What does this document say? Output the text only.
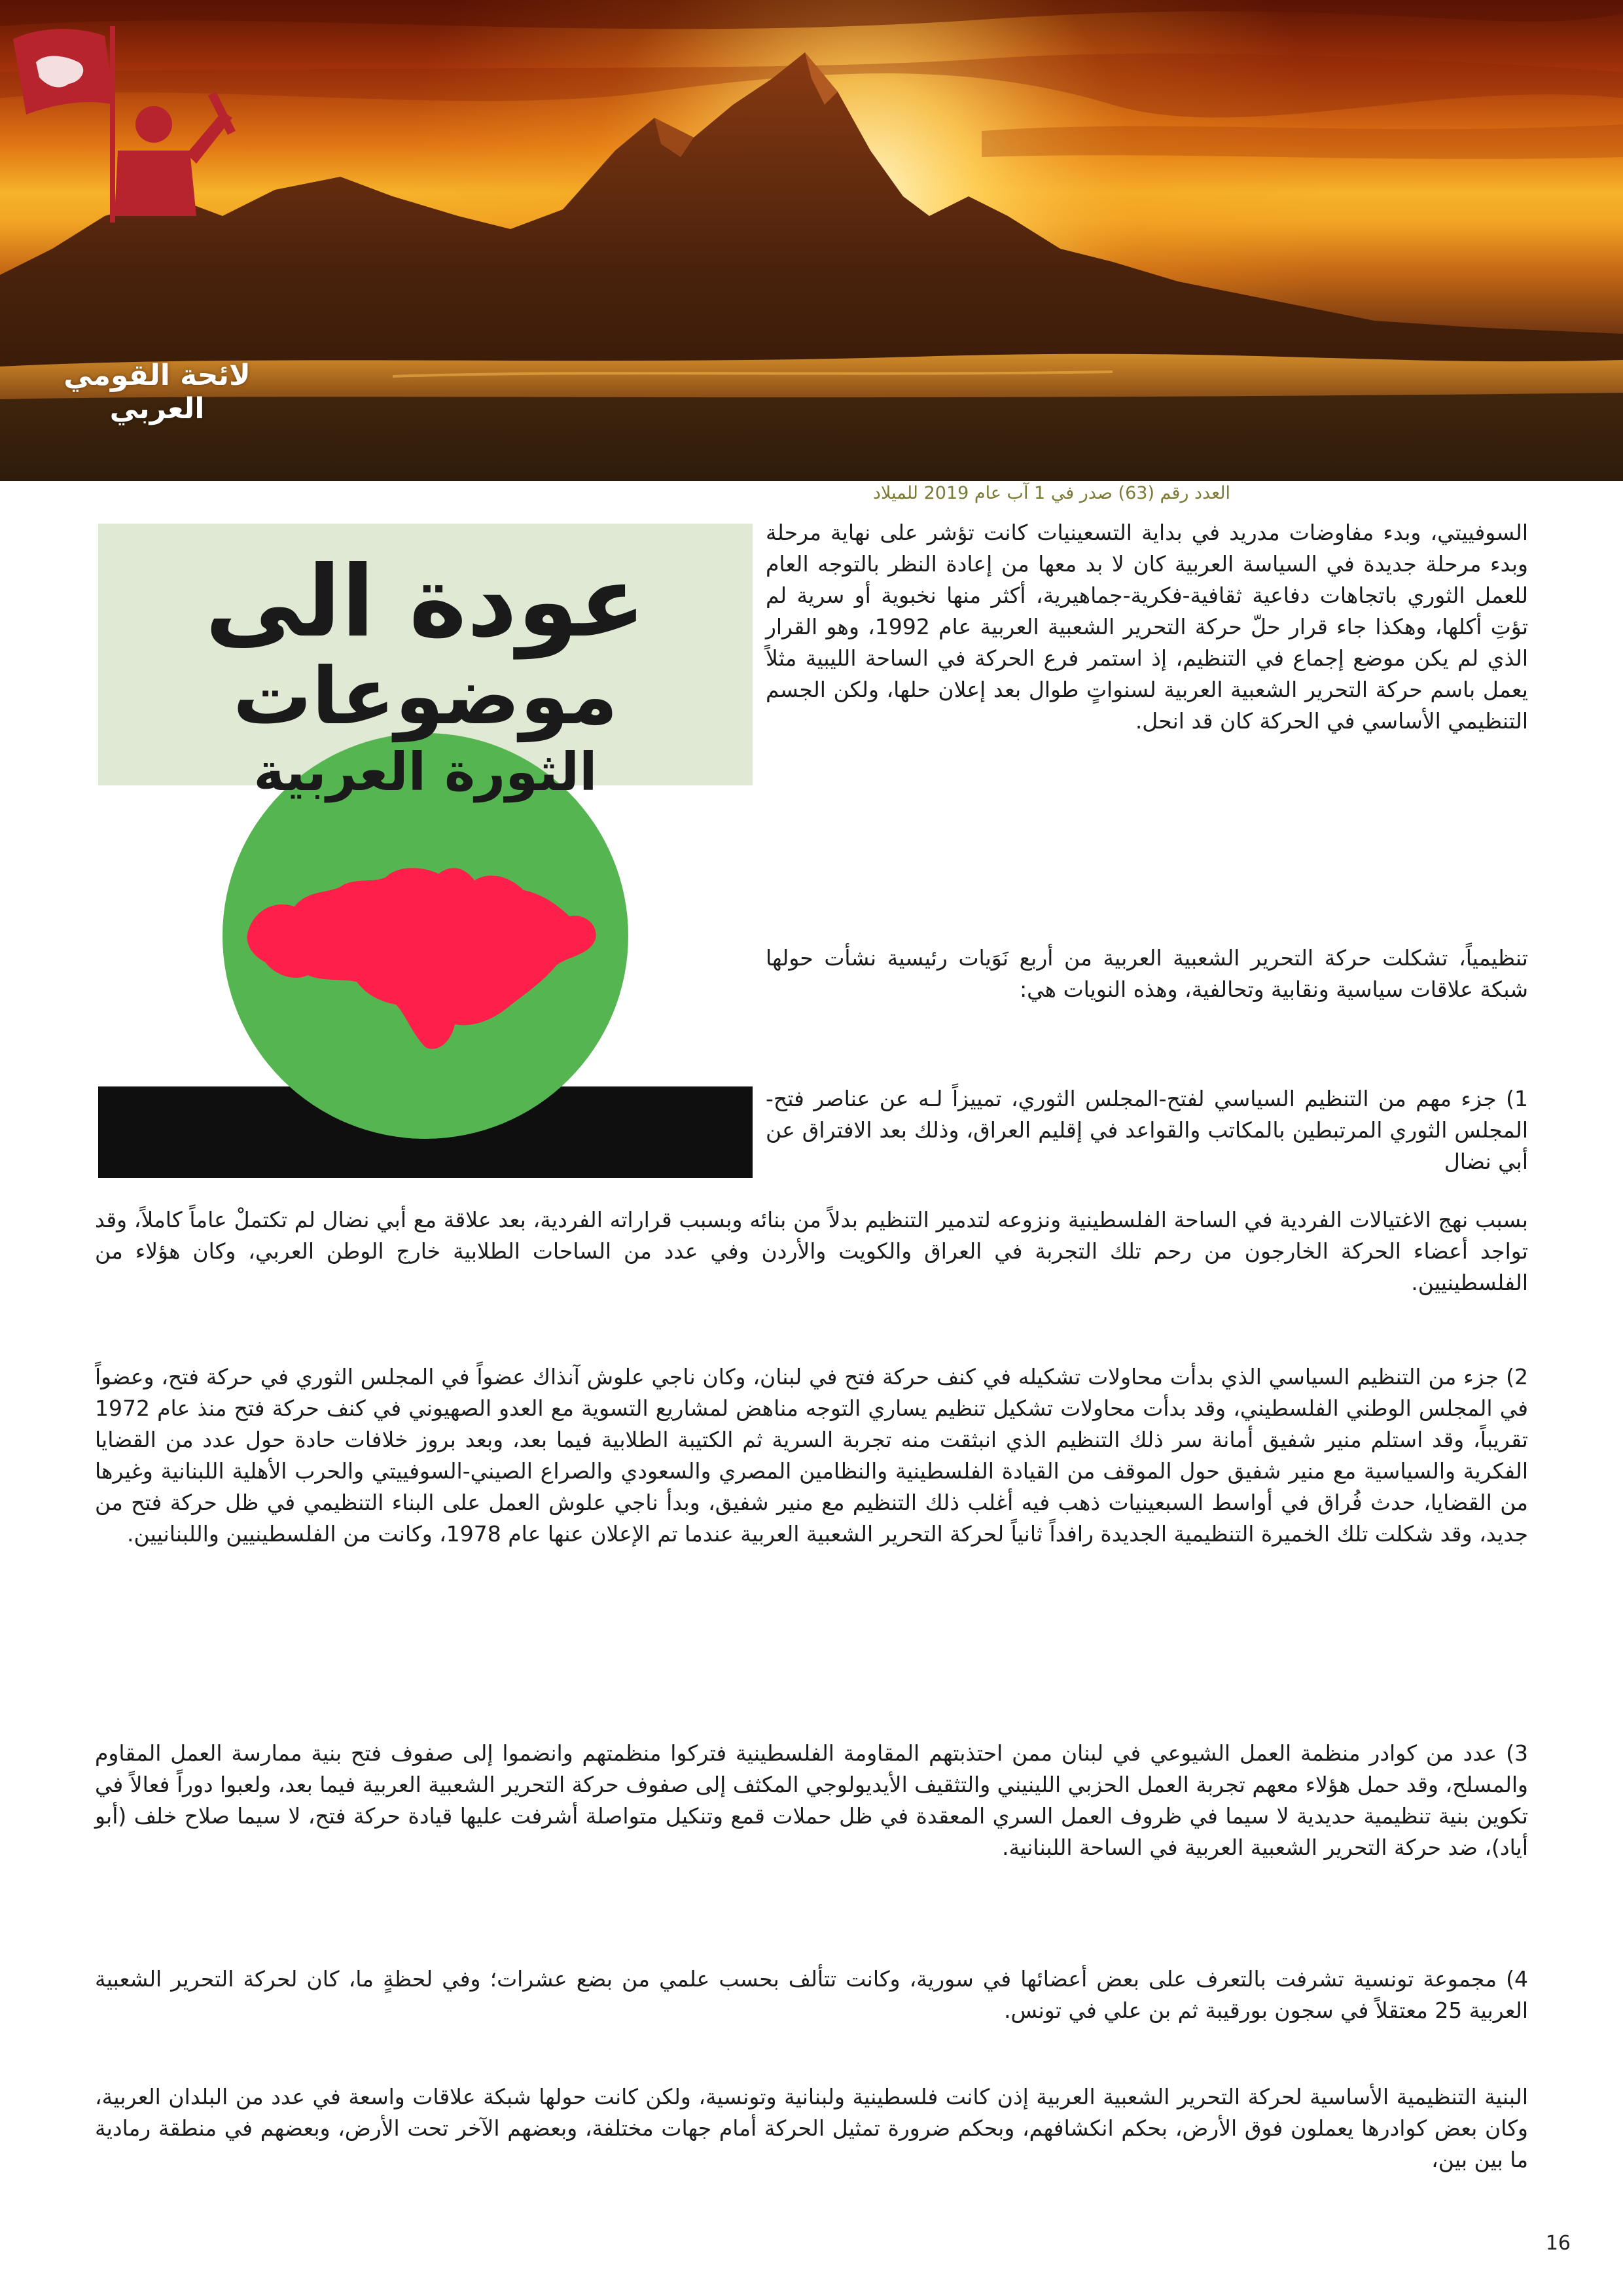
لائحة القومي العربي
العدد رقم (63) صدر في 1 آب عام 2019 للميلاد
عودة الى
موضوعات
الثورة العربية

السوفييتي، وبدء مفاوضات مدريد في بداية التسعينيات كانت تؤشر على نهاية مرحلة وبدء مرحلة جديدة في السياسة العربية كان لا بد معها من إعادة النظر بالتوجه العام للعمل الثوري باتجاهات دفاعية ثقافية-فكرية-جماهيرية، أكثر منها نخبوية أو سرية لم تؤتِ أكلها، وهكذا جاء قرار حلّ حركة التحرير الشعبية العربية عام 1992، وهو القرار الذي لم يكن موضع إجماع في التنظيم، إذ استمر فرع الحركة في الساحة الليبية مثلاً يعمل باسم حركة التحرير الشعبية العربية لسنواتٍ طوال بعد إعلان حلها، ولكن الجسم التنظيمي الأساسي في الحركة كان قد انحل.

تنظيمياً، تشكلت حركة التحرير الشعبية العربية من أربع نَوَيات رئيسية نشأت حولها شبكة علاقات سياسية ونقابية وتحالفية، وهذه النويات هي:

1) جزء مهم من التنظيم السياسي لفتح-المجلس الثوري، تمييزاً لـه عن عناصر فتح-المجلس الثوري المرتبطين بالمكاتب والقواعد في إقليم العراق، وذلك بعد الافتراق عن أبي نضال

بسبب نهج الاغتيالات الفردية في الساحة الفلسطينية ونزوعه لتدمير التنظيم بدلاً من بنائه وبسبب قراراته الفردية، بعد علاقة مع أبي نضال لم تكتملْ عاماً كاملاً، وقد تواجد أعضاء الحركة الخارجون من رحم تلك التجربة في العراق والكويت والأردن وفي عدد من الساحات الطلابية خارج الوطن العربي، وكان هؤلاء من الفلسطينيين.

2) جزء من التنظيم السياسي الذي بدأت محاولات تشكيله في كنف حركة فتح في لبنان، وكان ناجي علوش آنذاك عضواً في المجلس الثوري في حركة فتح، وعضواً في المجلس الوطني الفلسطيني، وقد بدأت محاولات تشكيل تنظيم يساري التوجه مناهض لمشاريع التسوية مع العدو الصهيوني في كنف حركة فتح منذ عام 1972 تقريباً، وقد استلم منير شفيق أمانة سر ذلك التنظيم الذي انبثقت منه تجربة السرية ثم الكتيبة الطلابية فيما بعد، وبعد بروز خلافات حادة حول عدد من القضايا الفكرية والسياسية مع منير شفيق حول الموقف من القيادة الفلسطينية والنظامين المصري والسعودي والصراع الصيني-السوفييتي والحرب الأهلية اللبنانية وغيرها من القضايا، حدث فُراق في أواسط السبعينيات ذهب فيه أغلب ذلك التنظيم مع منير شفيق، وبدأ ناجي علوش العمل على البناء التنظيمي في ظل حركة فتح من جديد، وقد شكلت تلك الخميرة التنظيمية الجديدة رافداً ثانياً لحركة التحرير الشعبية العربية عندما تم الإعلان عنها عام 1978، وكانت من الفلسطينيين واللبنانيين.

3) عدد من كوادر منظمة العمل الشيوعي في لبنان ممن احتذبتهم المقاومة الفلسطينية فتركوا منظمتهم وانضموا إلى صفوف فتح بنية ممارسة العمل المقاوم والمسلح، وقد حمل هؤلاء معهم تجربة العمل الحزبي اللينيني والتثقيف الأيديولوجي المكثف إلى صفوف حركة التحرير الشعبية العربية فيما بعد، ولعبوا دوراً فعالاً في تكوين بنية تنظيمية حديدية لا سيما في ظروف العمل السري المعقدة في ظل حملات قمع وتنكيل متواصلة أشرفت عليها قيادة حركة فتح، لا سيما صلاح خلف (أبو أياد)، ضد حركة التحرير الشعبية العربية في الساحة اللبنانية.

4) مجموعة تونسية تشرفت بالتعرف على بعض أعضائها في سورية، وكانت تتألف بحسب علمي من بضع عشرات؛ وفي لحظةٍ ما، كان لحركة التحرير الشعبية العربية 25 معتقلاً في سجون بورقيبة ثم بن علي في تونس.

البنية التنظيمية الأساسية لحركة التحرير الشعبية العربية إذن كانت فلسطينية ولبنانية وتونسية، ولكن كانت حولها شبكة علاقات واسعة في عدد من البلدان العربية، وكان بعض كوادرها يعملون فوق الأرض، بحكم انكشافهم، وبحكم ضرورة تمثيل الحركة أمام جهات مختلفة، وبعضهم الآخر تحت الأرض، وبعضهم في منطقة رمادية ما بين بين،

16
